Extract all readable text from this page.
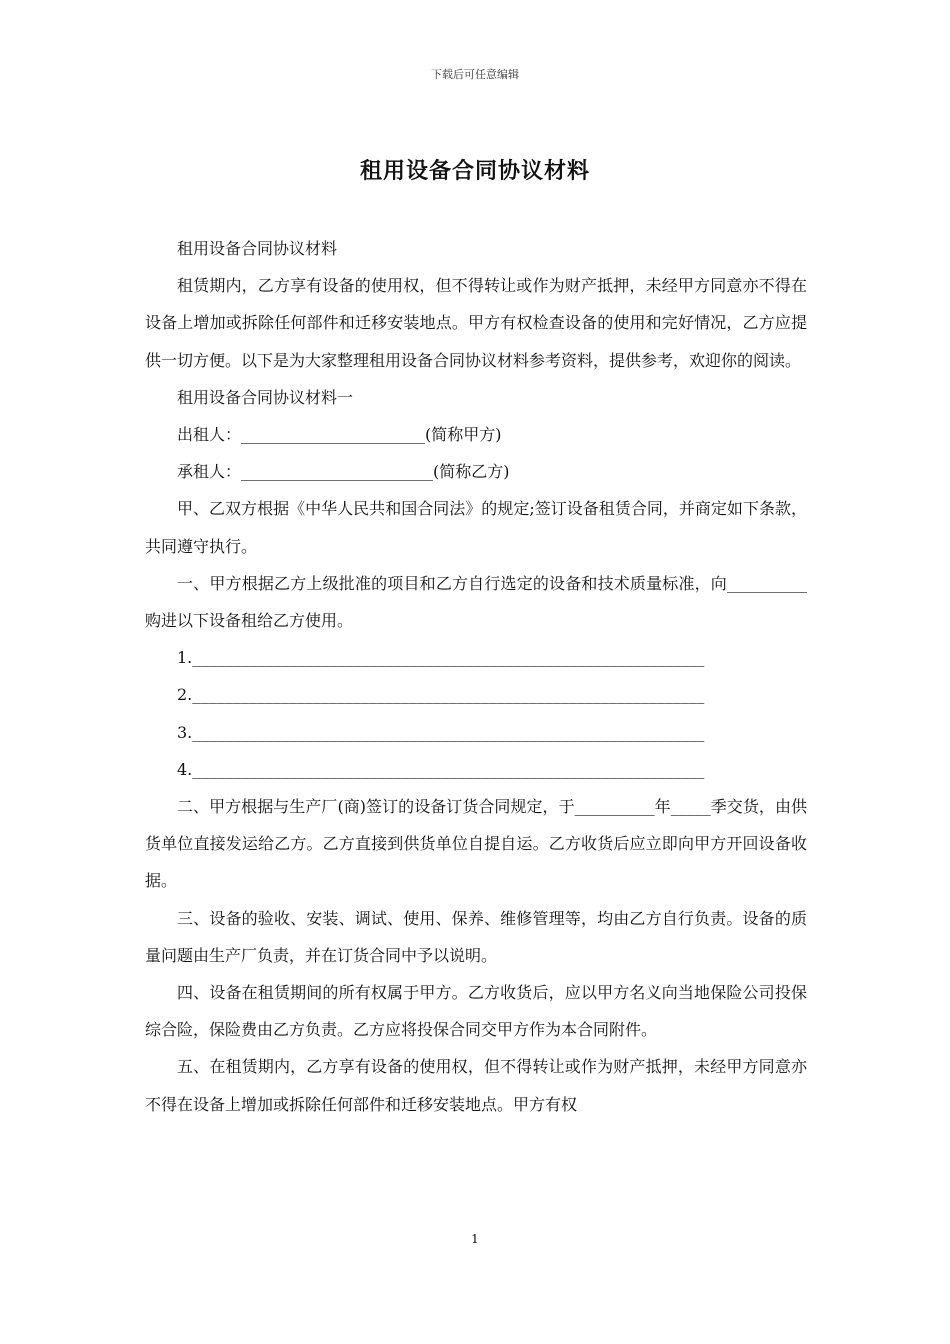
下载后可任意编辑
租用设备合同协议材料

租用设备合同协议材料

租赁期内，乙方享有设备的使用权，但不得转让或作为财产抵押，未经甲方同意亦不得在设备上增加或拆除任何部件和迁移安装地点。甲方有权检查设备的使用和完好情况，乙方应提供一切方便。以下是为大家整理租用设备合同协议材料参考资料，提供参考，欢迎你的阅读。

租用设备合同协议材料一

出租人：_______________________(简称甲方)

承租人：________________________(简称乙方)

甲、乙双方根据《中华人民共和国合同法》的规定;签订设备租赁合同，并商定如下条款，共同遵守执行。

一、甲方根据乙方上级批准的项目和乙方自行选定的设备和技术质量标准，向__________购进以下设备租给乙方使用。

1.________________________________________________________________

2.________________________________________________________________

3.________________________________________________________________

4.________________________________________________________________

二、甲方根据与生产厂(商)签订的设备订货合同规定，于__________年_____季交货，由供货单位直接发运给乙方。乙方直接到供货单位自提自运。乙方收货后应立即向甲方开回设备收据。

三、设备的验收、安装、调试、使用、保养、维修管理等，均由乙方自行负责。设备的质量问题由生产厂负责，并在订货合同中予以说明。

四、设备在租赁期间的所有权属于甲方。乙方收货后，应以甲方名义向当地保险公司投保综合险，保险费由乙方负责。乙方应将投保合同交甲方作为本合同附件。

五、在租赁期内，乙方享有设备的使用权，但不得转让或作为财产抵押，未经甲方同意亦不得在设备上增加或拆除任何部件和迁移安装地点。甲方有权

1
